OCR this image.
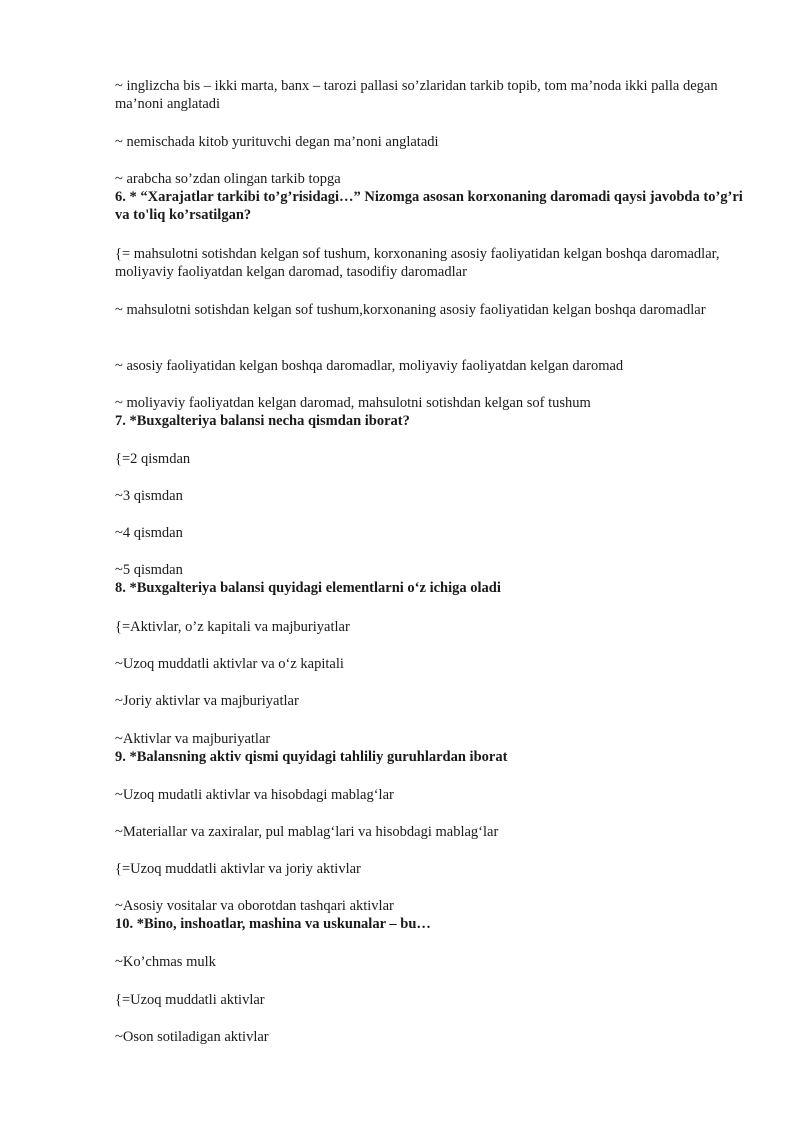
~ inglizcha bis – ikki marta, banx – tarozi pallasi so’zlaridan tarkib topib, tom ma’noda ikki palla degan ma’noni anglatadi
~ nemischada kitob yurituvchi degan ma’noni anglatadi
~ arabcha so’zdan olingan tarkib topga
6. * “Xarajatlar tarkibi to’g’risidagi…” Nizomga asosan korxonaning daromadi qaysi javobda to’g’ri va to'liq ko’rsatilgan?
{= mahsulotni sotishdan kelgan sof tushum, korxonaning asosiy faoliyatidan kelgan boshqa daromadlar, moliyaviy faoliyatdan kelgan daromad, tasodifiy daromadlar
~ mahsulotni sotishdan kelgan sof tushum,korxonaning asosiy faoliyatidan kelgan boshqa daromadlar
~ asosiy faoliyatidan kelgan boshqa daromadlar, moliyaviy faoliyatdan kelgan daromad
~ moliyaviy faoliyatdan kelgan daromad, mahsulotni sotishdan kelgan sof tushum
7. *Buxgalteriya balansi necha qismdan iborat?
{=2 qismdan
~3 qismdan
~4 qismdan
~5 qismdan
8. *Buxgalteriya balansi quyidagi elementlarni o‘z ichiga oladi
{=Aktivlar, o’z kapitali va majburiyatlar
~Uzoq muddatli aktivlar va o‘z kapitali
~Joriy aktivlar va majburiyatlar
~Aktivlar va majburiyatlar
9. *Balansning aktiv qismi quyidagi tahliliy guruhlardan iborat
~Uzoq mudatli aktivlar va hisobdagi mablag‘lar
~Materiallar va zaxiralar, pul mablag‘lari va hisobdagi mablag‘lar
{=Uzoq muddatli aktivlar va joriy aktivlar
~Asosiy vositalar va oborotdan tashqari aktivlar
10. *Bino, inshoatlar, mashina va uskunalar – bu…
~Ko’chmas mulk
{=Uzoq muddatli aktivlar
~Oson sotiladigan aktivlar
